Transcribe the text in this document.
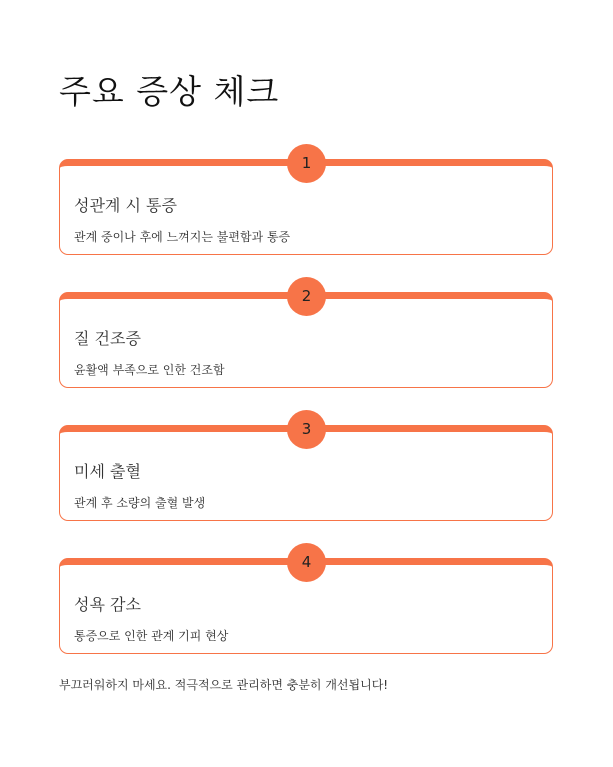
주요 증상 체크
1
성관계 시 통증

관계 중이나 후에 느껴지는 불편함과 통증

2
질 건조증

윤활액 부족으로 인한 건조함

3
미세 출혈

관계 후 소량의 출혈 발생

4
성욕 감소

통증으로 인한 관계 기피 현상

부끄러워하지 마세요. 적극적으로 관리하면 충분히 개선됩니다!
